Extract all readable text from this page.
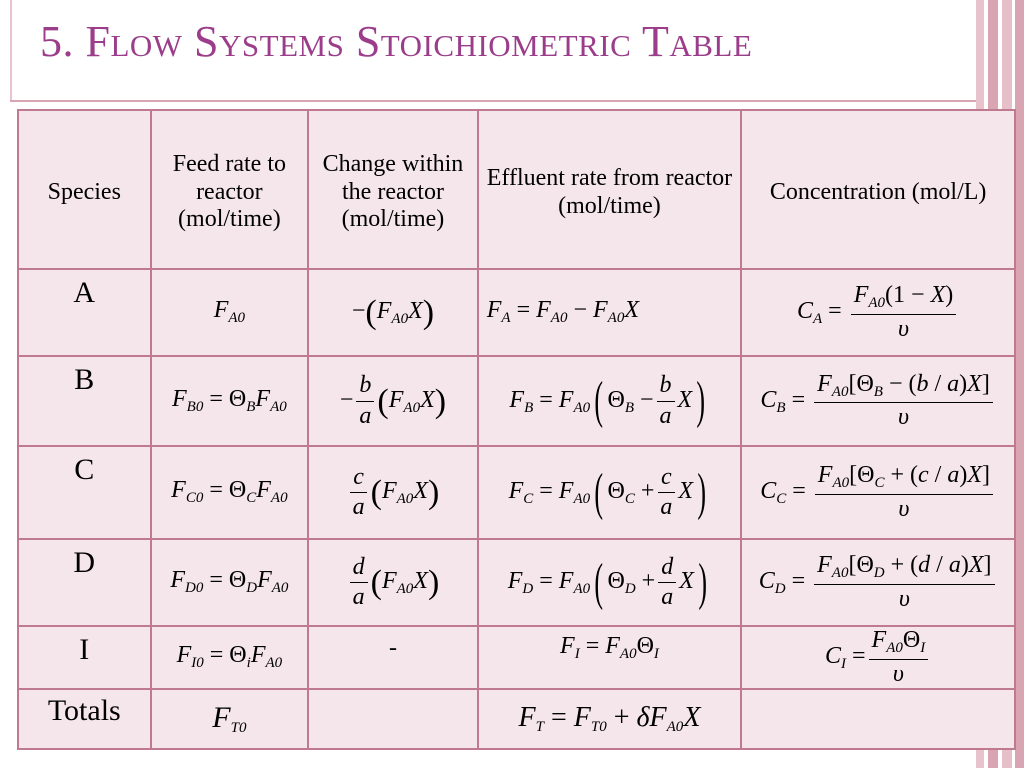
5. Flow Systems Stoichiometric Table
Species	Feed rate to reactor (mol/time)	Change within the reactor (mol/time)	Effluent rate from reactor (mol/time)	Concentration (mol/L)
A	$F_{A0}$	$-(F_{A0}X)$	$F_A = F_{A0} - F_{A0}X$	$C_A = \frac{F_{A0}(1 - X)}{\upsilon}$

B	$F_{B0} = \Theta_BF_{A0}$	− $\frac{b}{a} (F_{A0}X)$	$F_B = F_{A0}$( $\Theta_B - \frac{b}{a} X$)	$C_B = \frac{F_{A0}[\Theta_B - (b / a)X]}{\upsilon}$

C	$F_{C0} = \Theta_CF_{A0}$	$\frac{c}{a} (F_{A0}X)$	$F_C = F_{A0}$( $\Theta_C + \frac{c}{a} X$)	$C_C = \frac{F_{A0}[\Theta_C + (c / a)X]}{\upsilon}$

D	$F_{D0} = \Theta_DF_{A0}$	$\frac{d}{a} (F_{A0}X)$	$F_D = F_{A0}$( $\Theta_D + \frac{d}{a} X$)	$C_D = \frac{F_{A0}[\Theta_D + (d / a)X]}{\upsilon}$

I	$F_{I0} = \Theta_iF_{A0}$	-	$F_I = F_{A0}\Theta_I$	$C_I = \frac{F_{A0}\Theta_I}{\upsilon}$

Totals	$F_{T0}$		$F_T = F_{T0} + \delta F_{A0}X$	
